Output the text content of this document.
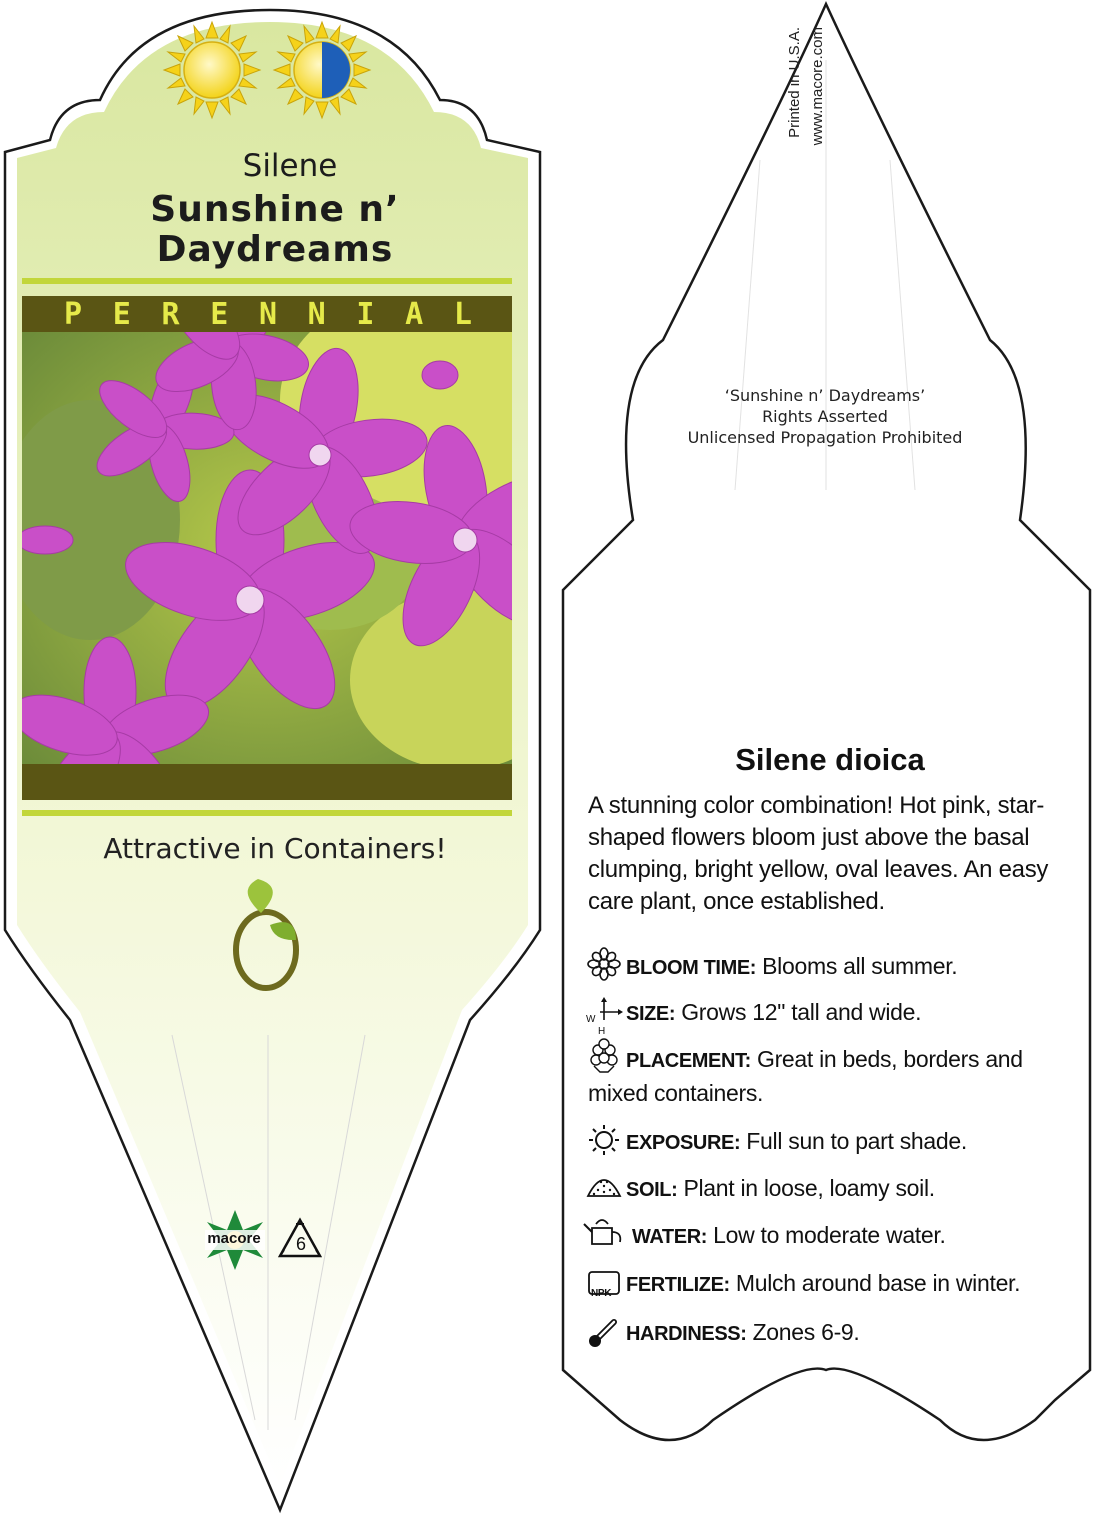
Silene
Sunshine n’
Daydreams
P E R E N N I A L
Attractive in Containers!
macore 6
Printed in U.S.A. www.macore.com
‘Sunshine n’ Daydreams’
Rights Asserted
Unlicensed Propagation Prohibited
Silene dioica
A stunning color combination! Hot pink, star-shaped flowers bloom just above the basal clumping, bright yellow, oval leaves. An easy care plant, once established.
BLOOM TIME: Blooms all summer.
W
H
SIZE: Grows 12" tall and wide.
PLACEMENT: Great in beds, borders and mixed containers.
EXPOSURE: Full sun to part shade.
SOIL: Plant in loose, loamy soil.
WATER: Low to moderate water.
NPK FERTILIZE: Mulch around base in winter.
HARDINESS: Zones 6-9.
